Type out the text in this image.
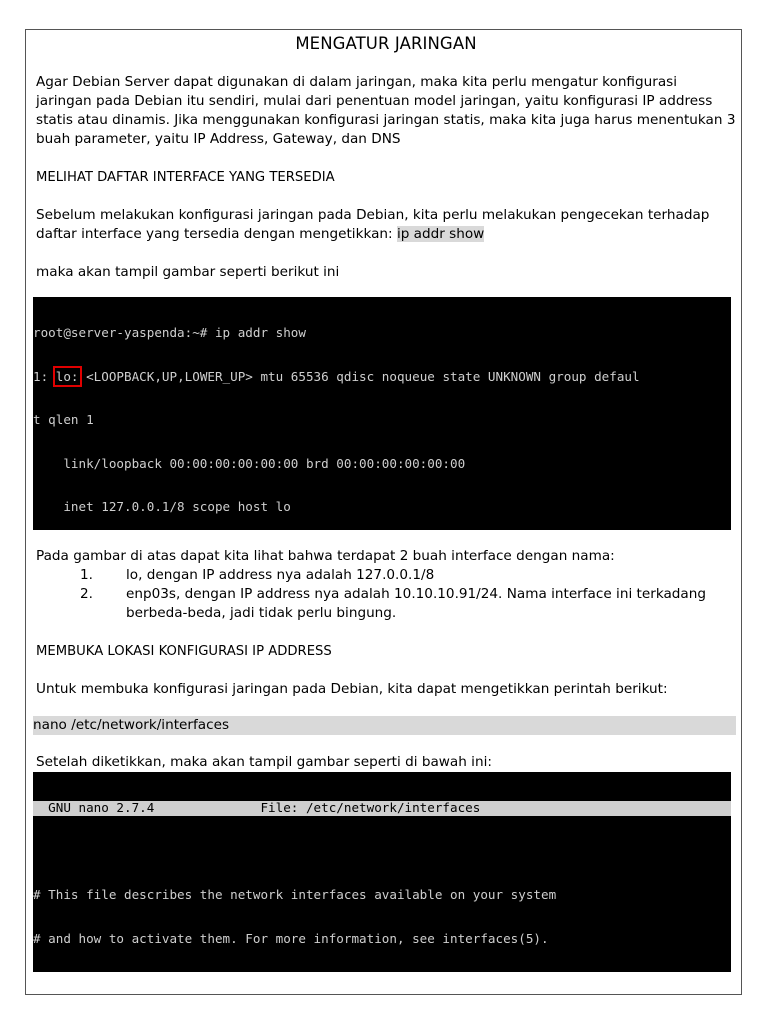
MENGATUR JARINGAN

Agar Debian Server dapat digunakan di dalam jaringan, maka kita perlu mengatur konfigurasi jaringan pada Debian itu sendiri, mulai dari penentuan model jaringan, yaitu konfigurasi IP address statis atau dinamis. Jika menggunakan konfigurasi jaringan statis, maka kita juga harus menentukan 3 buah parameter, yaitu IP Address, Gateway, dan DNS

MELIHAT DAFTAR INTERFACE YANG TERSEDIA

Sebelum melakukan konfigurasi jaringan pada Debian, kita perlu melakukan pengecekan terhadap daftar interface yang tersedia dengan mengetikkan: ip addr show

maka akan tampil gambar seperti berikut ini

root@server-yaspenda:~# ip addr show

1: lo: <LOOPBACK,UP,LOWER_UP> mtu 65536 qdisc noqueue state UNKNOWN group defaul

t qlen 1

link/loopback 00:00:00:00:00:00 brd 00:00:00:00:00:00

inet 127.0.0.1/8 scope host lo

Pada gambar di atas dapat kita lihat bahwa terdapat 2 buah interface dengan nama:

1.	lo, dengan IP address nya adalah 127.0.0.1/8
2.	enp03s, dengan IP address nya adalah 10.10.10.91/24. Nama interface ini terkadang berbeda-beda, jadi tidak perlu bingung.

MEMBUKA LOKASI KONFIGURASI IP ADDRESS

Untuk membuka konfigurasi jaringan pada Debian, kita dapat mengetikkan perintah berikut:

nano /etc/network/interfaces

Setelah diketikkan, maka akan tampil gambar seperti di bawah ini:

GNU nano 2.7.4              File: /etc/network/interfaces

# This file describes the network interfaces available on your system

# and how to activate them. For more information, see interfaces(5).
